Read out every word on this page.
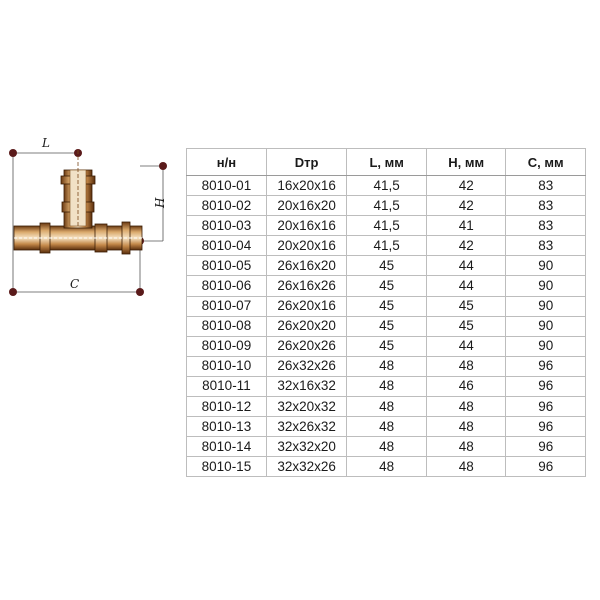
L
H
C
н/н	Dтр	L, мм	H, мм	C, мм
8010-01	16x20x16	41,5	42	83
8010-02	20x16x20	41,5	42	83
8010-03	20x16x16	41,5	41	83
8010-04	20x20x16	41,5	42	83
8010-05	26x16x20	45	44	90
8010-06	26x16x26	45	44	90
8010-07	26x20x16	45	45	90
8010-08	26x20x20	45	45	90
8010-09	26x20x26	45	44	90
8010-10	26x32x26	48	48	96
8010-11	32x16x32	48	46	96
8010-12	32x20x32	48	48	96
8010-13	32x26x32	48	48	96
8010-14	32x32x20	48	48	96
8010-15	32x32x26	48	48	96
